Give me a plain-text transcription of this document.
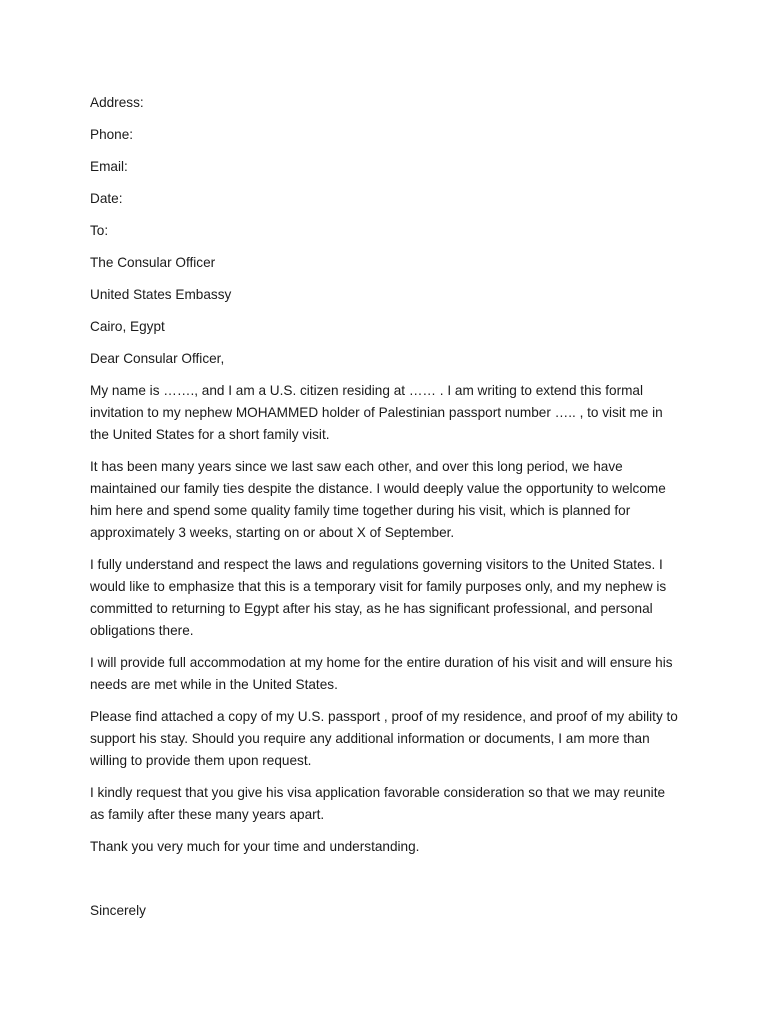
Address:
Phone:
Email:
Date:
To:
The Consular Officer
United States Embassy
Cairo, Egypt
Dear Consular Officer,

My name is ……., and I am a U.S. citizen residing at …… . I am writing to extend this formal invitation to my nephew MOHAMMED holder of Palestinian passport number ….. , to visit me in the United States for a short family visit.

It has been many years since we last saw each other, and over this long period, we have maintained our family ties despite the distance. I would deeply value the opportunity to welcome him here and spend some quality family time together during his visit, which is planned for approximately 3 weeks, starting on or about X of September.

I fully understand and respect the laws and regulations governing visitors to the United States. I would like to emphasize that this is a temporary visit for family purposes only, and my nephew is committed to returning to Egypt after his stay, as he has significant professional, and personal obligations there.

I will provide full accommodation at my home for the entire duration of his visit and will ensure his  needs are met while in the United States.

Please find attached a copy of my U.S. passport , proof of my residence, and proof of my ability to support his stay. Should you require any additional information or documents, I am more than willing to provide them upon request.

I kindly request that you give his visa application favorable consideration so that we may reunite as family after these many years apart.

Thank you very much for your time and understanding.

Sincerely
